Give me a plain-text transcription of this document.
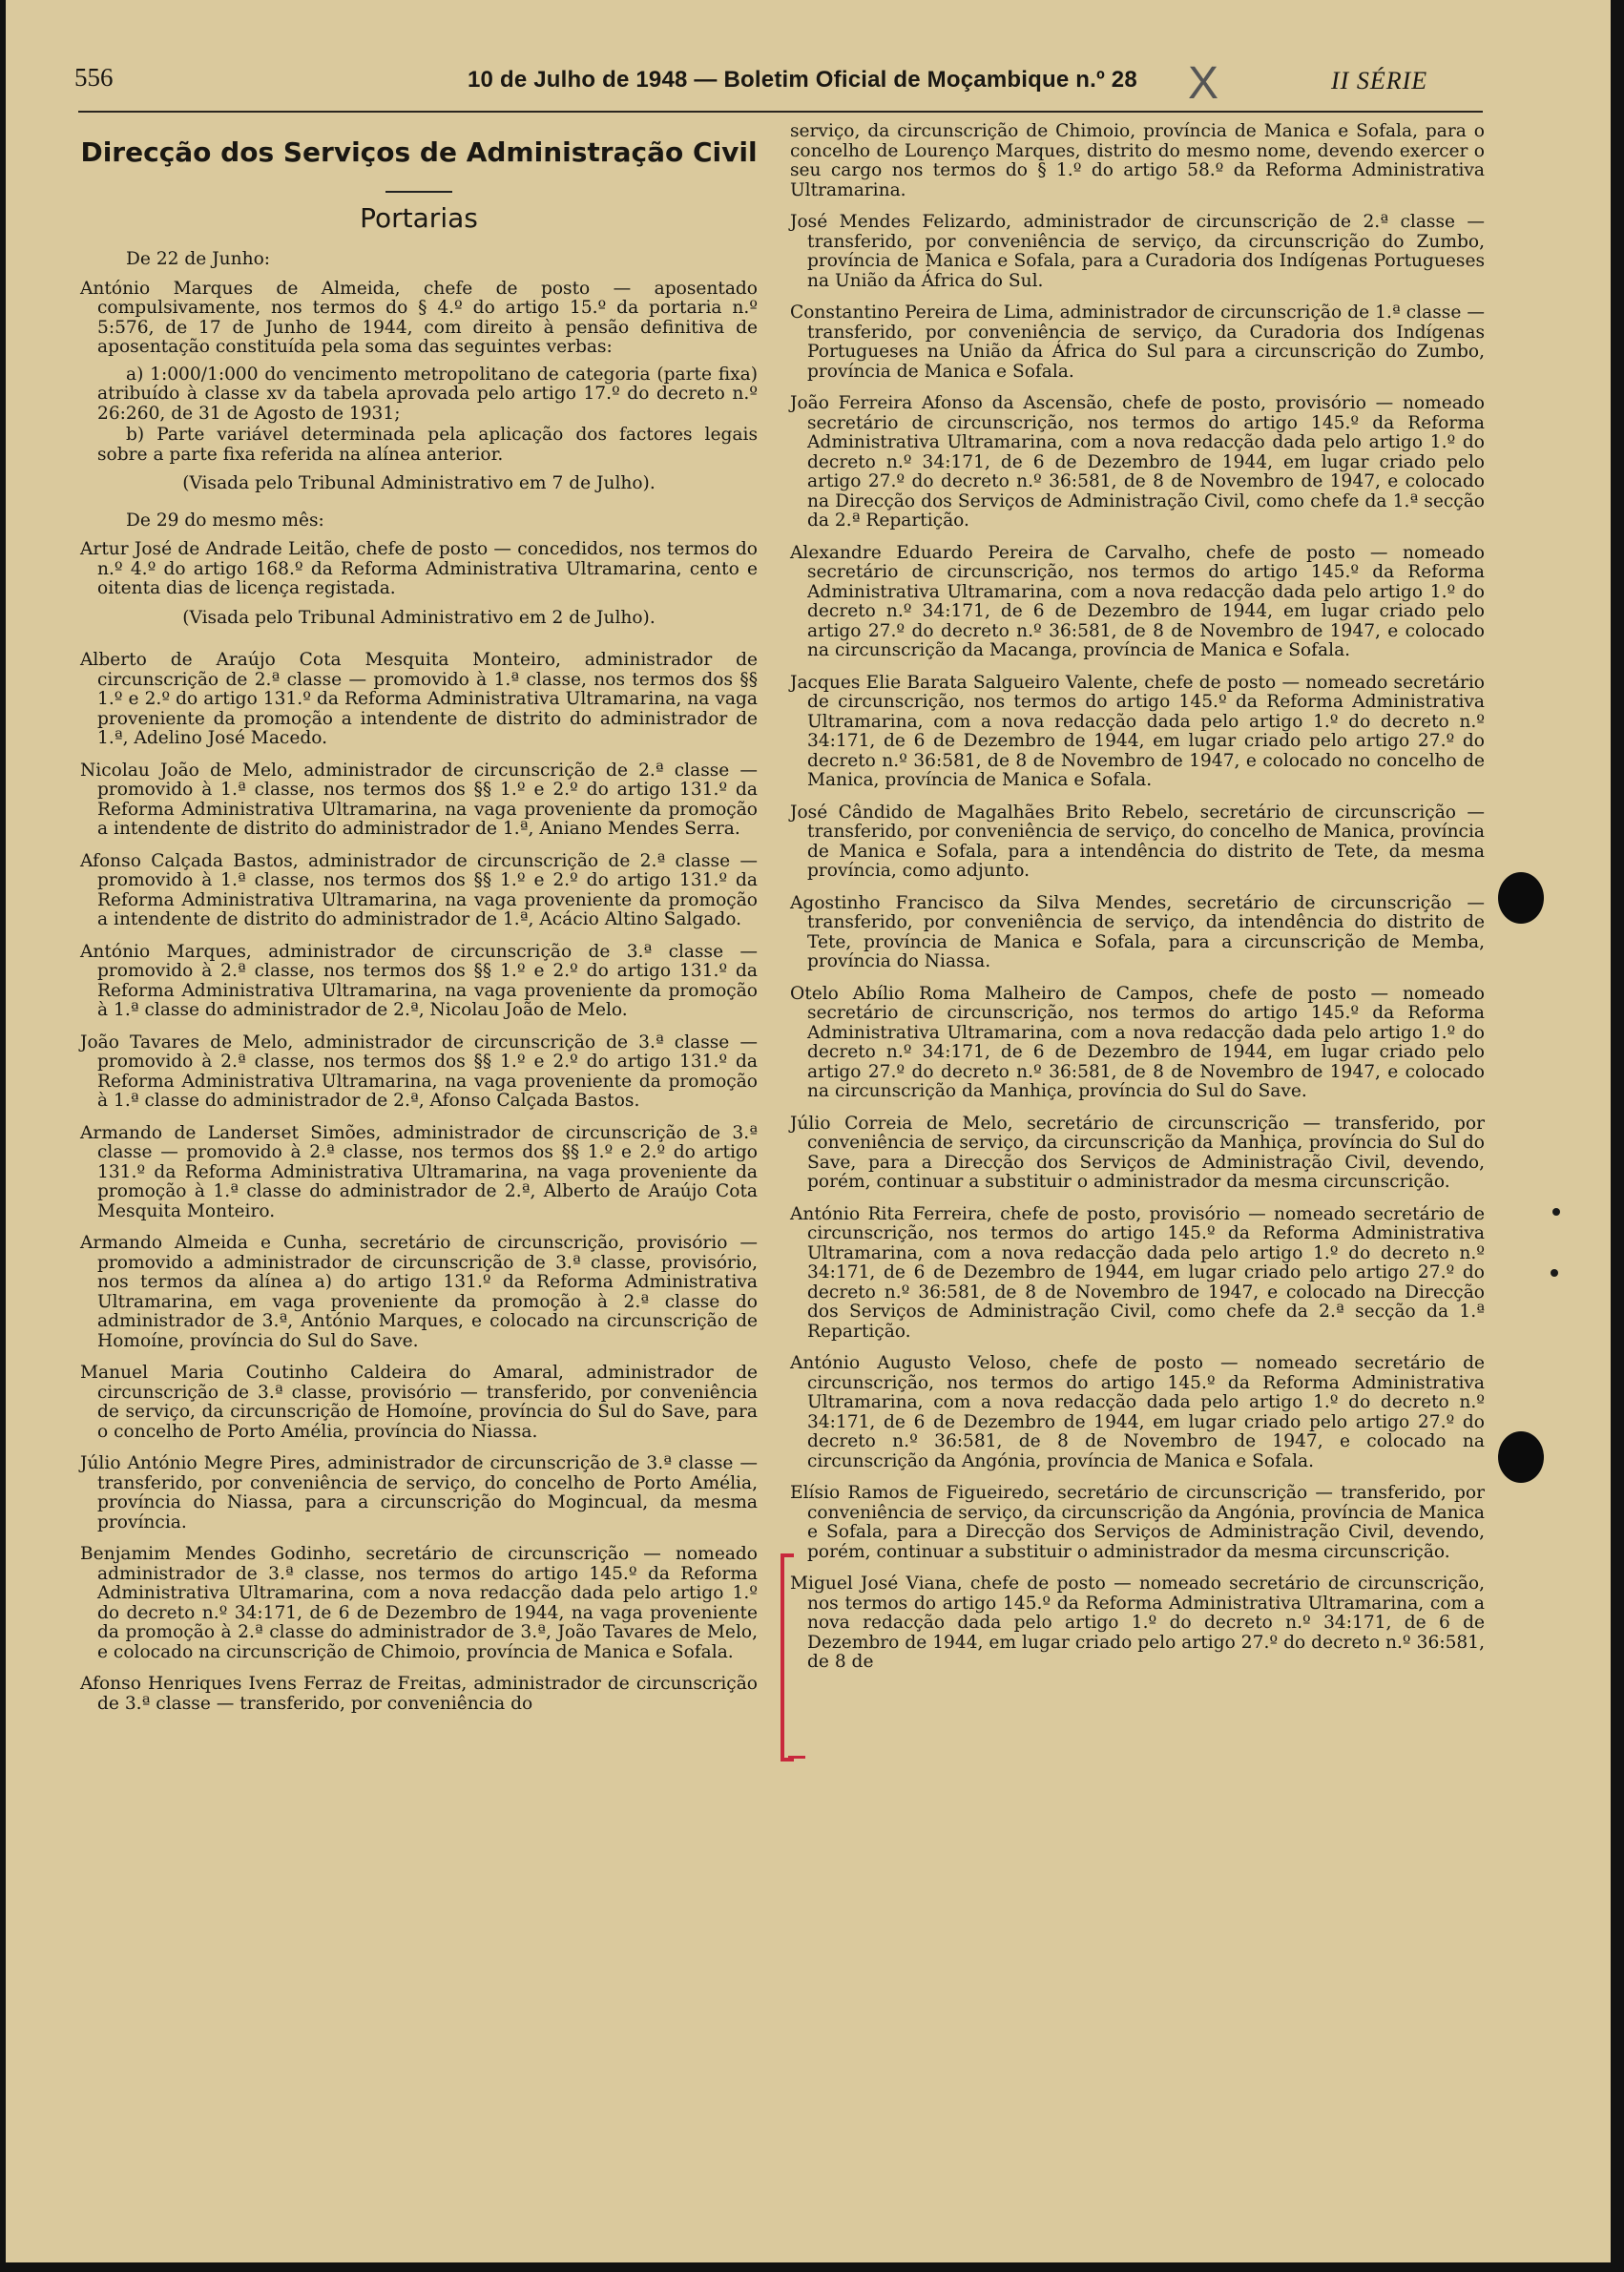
556	10 de Julho de 1948 — Boletim Oficial de Moçambique n.º 28 X	II SÉRIE
Direcção dos Serviços de Administração Civil
Portarias
De 22 de Junho:
António Marques de Almeida, chefe de posto — aposentado compulsivamente, nos termos do § 4.º do artigo 15.º da portaria n.º 5:576, de 17 de Junho de 1944, com direito à pensão definitiva de aposentação constituída pela soma das seguintes verbas:
a) 1:000/1:000 do vencimento metropolitano de categoria (parte fixa) atribuído à classe xv da tabela aprovada pelo artigo 17.º do decreto n.º 26:260, de 31 de Agosto de 1931;
b) Parte variável determinada pela aplicação dos factores legais sobre a parte fixa referida na alínea anterior.
(Visada pelo Tribunal Administrativo em 7 de Julho).
De 29 do mesmo mês:
Artur José de Andrade Leitão, chefe de posto — concedidos, nos termos do n.º 4.º do artigo 168.º da Reforma Administrativa Ultramarina, cento e oitenta dias de licença registada.
(Visada pelo Tribunal Administrativo em 2 de Julho).
Alberto de Araújo Cota Mesquita Monteiro, administrador de circunscrição de 2.ª classe — promovido à 1.ª classe, nos termos dos §§ 1.º e 2.º do artigo 131.º da Reforma Administrativa Ultramarina, na vaga proveniente da promoção a intendente de distrito do administrador de 1.ª, Adelino José Macedo.
Nicolau João de Melo, administrador de circunscrição de 2.ª classe — promovido à 1.ª classe, nos termos dos §§ 1.º e 2.º do artigo 131.º da Reforma Administrativa Ultramarina, na vaga proveniente da promoção a intendente de distrito do administrador de 1.ª, Aniano Mendes Serra.
Afonso Calçada Bastos, administrador de circunscrição de 2.ª classe — promovido à 1.ª classe, nos termos dos §§ 1.º e 2.º do artigo 131.º da Reforma Administrativa Ultramarina, na vaga proveniente da promoção a intendente de distrito do administrador de 1.ª, Acácio Altino Salgado.
António Marques, administrador de circunscrição de 3.ª classe — promovido à 2.ª classe, nos termos dos §§ 1.º e 2.º do artigo 131.º da Reforma Administrativa Ultramarina, na vaga proveniente da promoção à 1.ª classe do administrador de 2.ª, Nicolau João de Melo.
João Tavares de Melo, administrador de circunscrição de 3.ª classe — promovido à 2.ª classe, nos termos dos §§ 1.º e 2.º do artigo 131.º da Reforma Administrativa Ultramarina, na vaga proveniente da promoção à 1.ª classe do administrador de 2.ª, Afonso Calçada Bastos.
Armando de Landerset Simões, administrador de circunscrição de 3.ª classe — promovido à 2.ª classe, nos termos dos §§ 1.º e 2.º do artigo 131.º da Reforma Administrativa Ultramarina, na vaga proveniente da promoção à 1.ª classe do administrador de 2.ª, Alberto de Araújo Cota Mesquita Monteiro.
Armando Almeida e Cunha, secretário de circunscrição, provisório — promovido a administrador de circunscrição de 3.ª classe, provisório, nos termos da alínea a) do artigo 131.º da Reforma Administrativa Ultramarina, em vaga proveniente da promoção à 2.ª classe do administrador de 3.ª, António Marques, e colocado na circunscrição de Homoíne, província do Sul do Save.
Manuel Maria Coutinho Caldeira do Amaral, administrador de circunscrição de 3.ª classe, provisório — transferido, por conveniência de serviço, da circunscrição de Homoíne, província do Sul do Save, para o concelho de Porto Amélia, província do Niassa.
Júlio António Megre Pires, administrador de circunscrição de 3.ª classe — transferido, por conveniência de serviço, do concelho de Porto Amélia, província do Niassa, para a circunscrição do Mogincual, da mesma província.
Benjamim Mendes Godinho, secretário de circunscrição — nomeado administrador de 3.ª classe, nos termos do artigo 145.º da Reforma Administrativa Ultramarina, com a nova redacção dada pelo artigo 1.º do decreto n.º 34:171, de 6 de Dezembro de 1944, na vaga proveniente da promoção à 2.ª classe do administrador de 3.ª, João Tavares de Melo, e colocado na circunscrição de Chimoio, província de Manica e Sofala.
Afonso Henriques Ivens Ferraz de Freitas, administrador de circunscrição de 3.ª classe — transferido, por conveniência do
serviço, da circunscrição de Chimoio, província de Manica e Sofala, para o concelho de Lourenço Marques, distrito do mesmo nome, devendo exercer o seu cargo nos termos do § 1.º do artigo 58.º da Reforma Administrativa Ultramarina.
José Mendes Felizardo, administrador de circunscrição de 2.ª classe — transferido, por conveniência de serviço, da circunscrição do Zumbo, província de Manica e Sofala, para a Curadoria dos Indígenas Portugueses na União da África do Sul.
Constantino Pereira de Lima, administrador de circunscrição de 1.ª classe — transferido, por conveniência de serviço, da Curadoria dos Indígenas Portugueses na União da África do Sul para a circunscrição do Zumbo, província de Manica e Sofala.
João Ferreira Afonso da Ascensão, chefe de posto, provisório — nomeado secretário de circunscrição, nos termos do artigo 145.º da Reforma Administrativa Ultramarina, com a nova redacção dada pelo artigo 1.º do decreto n.º 34:171, de 6 de Dezembro de 1944, em lugar criado pelo artigo 27.º do decreto n.º 36:581, de 8 de Novembro de 1947, e colocado na Direcção dos Serviços de Administração Civil, como chefe da 1.ª secção da 2.ª Repartição.
Alexandre Eduardo Pereira de Carvalho, chefe de posto — nomeado secretário de circunscrição, nos termos do artigo 145.º da Reforma Administrativa Ultramarina, com a nova redacção dada pelo artigo 1.º do decreto n.º 34:171, de 6 de Dezembro de 1944, em lugar criado pelo artigo 27.º do decreto n.º 36:581, de 8 de Novembro de 1947, e colocado na circunscrição da Macanga, província de Manica e Sofala.
Jacques Elie Barata Salgueiro Valente, chefe de posto — nomeado secretário de circunscrição, nos termos do artigo 145.º da Reforma Administrativa Ultramarina, com a nova redacção dada pelo artigo 1.º do decreto n.º 34:171, de 6 de Dezembro de 1944, em lugar criado pelo artigo 27.º do decreto n.º 36:581, de 8 de Novembro de 1947, e colocado no concelho de Manica, província de Manica e Sofala.
José Cândido de Magalhães Brito Rebelo, secretário de circunscrição — transferido, por conveniência de serviço, do concelho de Manica, província de Manica e Sofala, para a intendência do distrito de Tete, da mesma província, como adjunto.
Agostinho Francisco da Silva Mendes, secretário de circunscrição — transferido, por conveniência de serviço, da intendência do distrito de Tete, província de Manica e Sofala, para a circunscrição de Memba, província do Niassa.
Otelo Abílio Roma Malheiro de Campos, chefe de posto — nomeado secretário de circunscrição, nos termos do artigo 145.º da Reforma Administrativa Ultramarina, com a nova redacção dada pelo artigo 1.º do decreto n.º 34:171, de 6 de Dezembro de 1944, em lugar criado pelo artigo 27.º do decreto n.º 36:581, de 8 de Novembro de 1947, e colocado na circunscrição da Manhiça, província do Sul do Save.
Júlio Correia de Melo, secretário de circunscrição — transferido, por conveniência de serviço, da circunscrição da Manhiça, província do Sul do Save, para a Direcção dos Serviços de Administração Civil, devendo, porém, continuar a substituir o administrador da mesma circunscrição.
António Rita Ferreira, chefe de posto, provisório — nomeado secretário de circunscrição, nos termos do artigo 145.º da Reforma Administrativa Ultramarina, com a nova redacção dada pelo artigo 1.º do decreto n.º 34:171, de 6 de Dezembro de 1944, em lugar criado pelo artigo 27.º do decreto n.º 36:581, de 8 de Novembro de 1947, e colocado na Direcção dos Serviços de Administração Civil, como chefe da 2.ª secção da 1.ª Repartição.
António Augusto Veloso, chefe de posto — nomeado secretário de circunscrição, nos termos do artigo 145.º da Reforma Administrativa Ultramarina, com a nova redacção dada pelo artigo 1.º do decreto n.º 34:171, de 6 de Dezembro de 1944, em lugar criado pelo artigo 27.º do decreto n.º 36:581, de 8 de Novembro de 1947, e colocado na circunscrição da Angónia, província de Manica e Sofala.
Elísio Ramos de Figueiredo, secretário de circunscrição — transferido, por conveniência de serviço, da circunscrição da Angónia, província de Manica e Sofala, para a Direcção dos Serviços de Administração Civil, devendo, porém, continuar a substituir o administrador da mesma circunscrição.
Miguel José Viana, chefe de posto — nomeado secretário de circunscrição, nos termos do artigo 145.º da Reforma Administrativa Ultramarina, com a nova redacção dada pelo artigo 1.º do decreto n.º 34:171, de 6 de Dezembro de 1944, em lugar criado pelo artigo 27.º do decreto n.º 36:581, de 8 de
